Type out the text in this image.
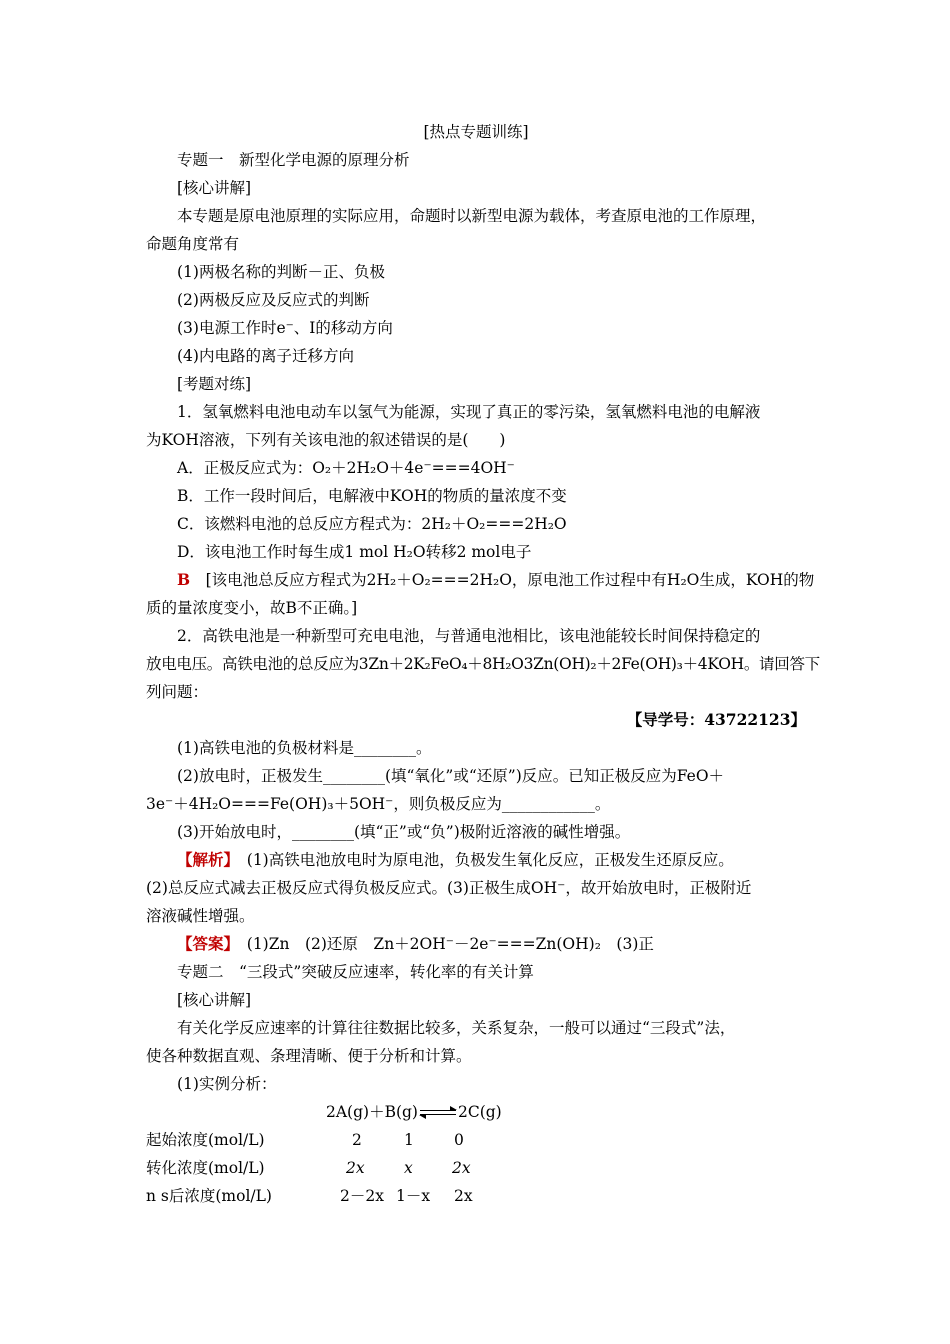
[热点专题训练]
专题一　新型化学电源的原理分析
[核心讲解]
本专题是原电池原理的实际应用，命题时以新型电源为载体，考查原电池的工作原理，
命题角度常有
(1)两极名称的判断－正、负极
(2)两极反应及反应式的判断
(3)电源工作时e⁻、I的移动方向
(4)内电路的离子迁移方向
[考题对练]
1．氢氧燃料电池电动车以氢气为能源，实现了真正的零污染，氢氧燃料电池的电解液
为KOH溶液，下列有关该电池的叙述错误的是(　　)
A．正极反应式为：O₂＋2H₂O＋4e⁻===4OH⁻
B．工作一段时间后，电解液中KOH的物质的量浓度不变
C．该燃料电池的总反应方程式为：2H₂＋O₂===2H₂O
D．该电池工作时每生成1 mol H₂O转移2 mol电子
B　[该电池总反应方程式为2H₂＋O₂===2H₂O，原电池工作过程中有H₂O生成，KOH的物
质的量浓度变小，故B不正确。]
2．高铁电池是一种新型可充电电池，与普通电池相比，该电池能较长时间保持稳定的
放电电压。高铁电池的总反应为3Zn＋2K₂FeO₄＋8H₂O3Zn(OH)₂＋2Fe(OH)₃＋4KOH。请回答下
列问题：
【导学号：43722123】
(1)高铁电池的负极材料是________。
(2)放电时，正极发生________(填“氧化”或“还原”)反应。已知正极反应为FeO＋
3e⁻＋4H₂O===Fe(OH)₃＋5OH⁻，则负极反应为____________。
(3)开始放电时，________(填“正”或“负”)极附近溶液的碱性增强。
【解析】　(1)高铁电池放电时为原电池，负极发生氧化反应，正极发生还原反应。
(2)总反应式减去正极反应式得负极反应式。(3)正极生成OH⁻，故开始放电时，正极附近
溶液碱性增强。
【答案】　(1)Zn　(2)还原　Zn＋2OH⁻－2e⁻===Zn(OH)₂　(3)正
专题二　“三段式”突破反应速率，转化率的有关计算
[核心讲解]
有关化学反应速率的计算往往数据比较多，关系复杂，一般可以通过“三段式”法，
使各种数据直观、条理清晰、便于分析和计算。
(1)实例分析：
2A(g)＋B(g)	2C(g)
起始浓度(mol/L)	2	1	0
转化浓度(mol/L)	2x	x	2x
n s后浓度(mol/L)	2－2x 1－x 2x
